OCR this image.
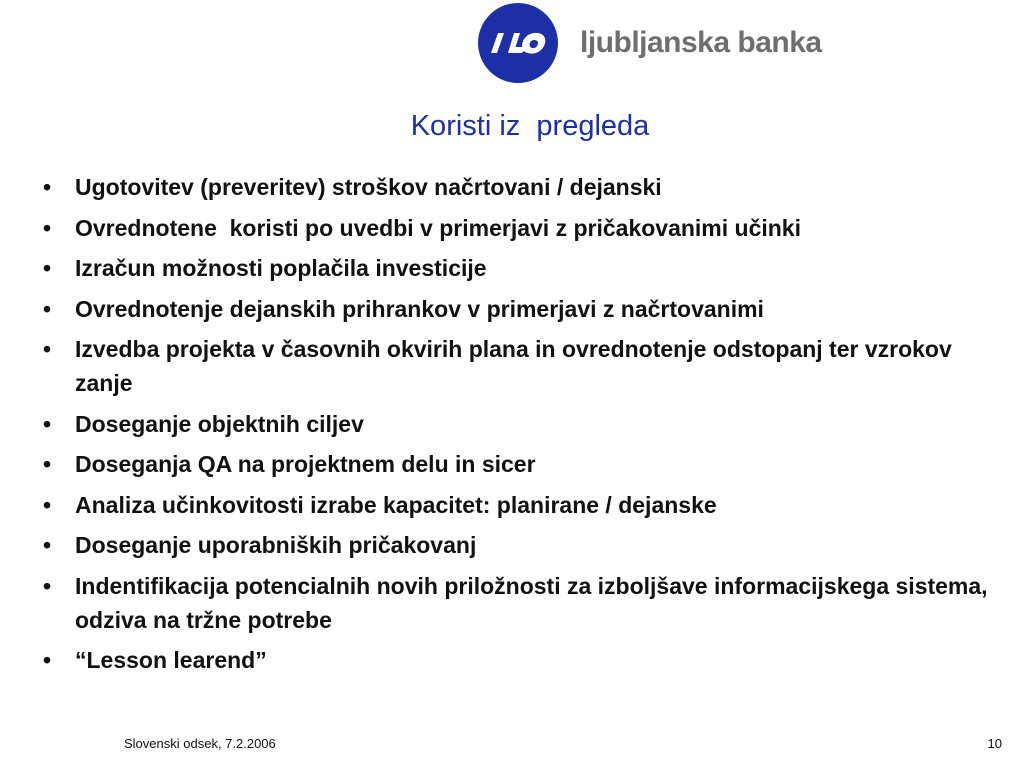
ljubljanska banka
Koristi iz  pregleda
•	Ugotovitev (preveritev) stroškov načrtovani / dejanski
•	Ovrednotene  koristi po uvedbi v primerjavi z pričakovanimi učinki
•	Izračun možnosti poplačila investicije
•	Ovrednotenje dejanskih prihrankov v primerjavi z načrtovanimi
•	Izvedba projekta v časovnih okvirih plana in ovrednotenje odstopanj ter vzrokov zanje
•	Doseganje objektnih ciljev
•	Doseganja QA na projektnem delu in sicer
•	Analiza učinkovitosti izrabe kapacitet: planirane / dejanske
•	Doseganje uporabniških pričakovanj
•	Indentifikacija potencialnih novih priložnosti za izboljšave informacijskega sistema, odziva na tržne potrebe
•	“Lesson learend”
Slovenski odsek, 7.2.2006	10
